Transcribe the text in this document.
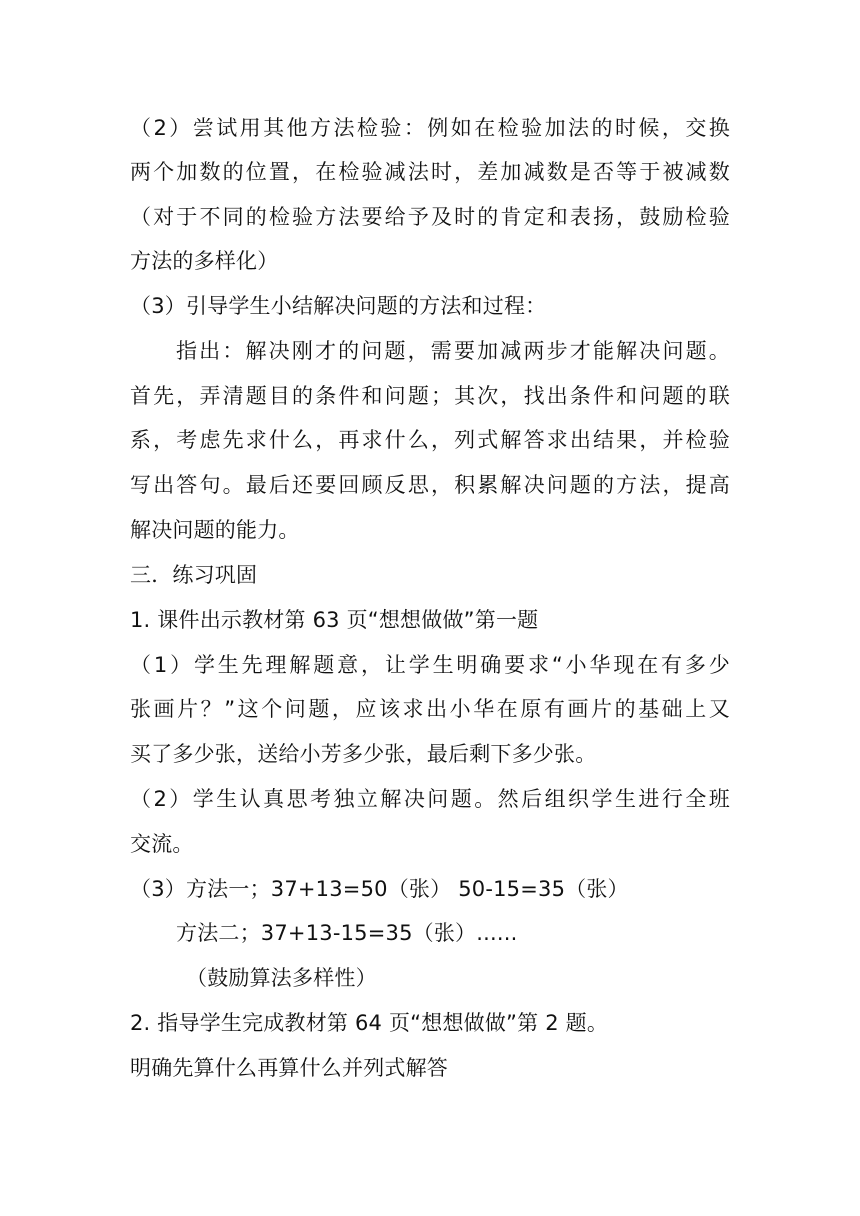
（2）尝试用其他方法检验：例如在检验加法的时候，交换
两个加数的位置，在检验减法时，差加减数是否等于被减数
（对于不同的检验方法要给予及时的肯定和表扬，鼓励检验
方法的多样化）
（3）引导学生小结解决问题的方法和过程：
指出：解决刚才的问题，需要加减两步才能解决问题。
首先，弄清题目的条件和问题；其次，找出条件和问题的联
系，考虑先求什么，再求什么，列式解答求出结果，并检验
写出答句。最后还要回顾反思，积累解决问题的方法，提高
解决问题的能力。
三．练习巩固
1. 课件出示教材第 63 页“想想做做”第一题
（1）学生先理解题意，让学生明确要求“小华现在有多少
张画片？”这个问题，应该求出小华在原有画片的基础上又
买了多少张，送给小芳多少张，最后剩下多少张。
（2）学生认真思考独立解决问题。然后组织学生进行全班
交流。
（3）方法一；37+13=50（张） 50-15=35（张）
方法二；37+13-15=35（张）......
（鼓励算法多样性）
2. 指导学生完成教材第 64 页“想想做做”第 2 题。
明确先算什么再算什么并列式解答
